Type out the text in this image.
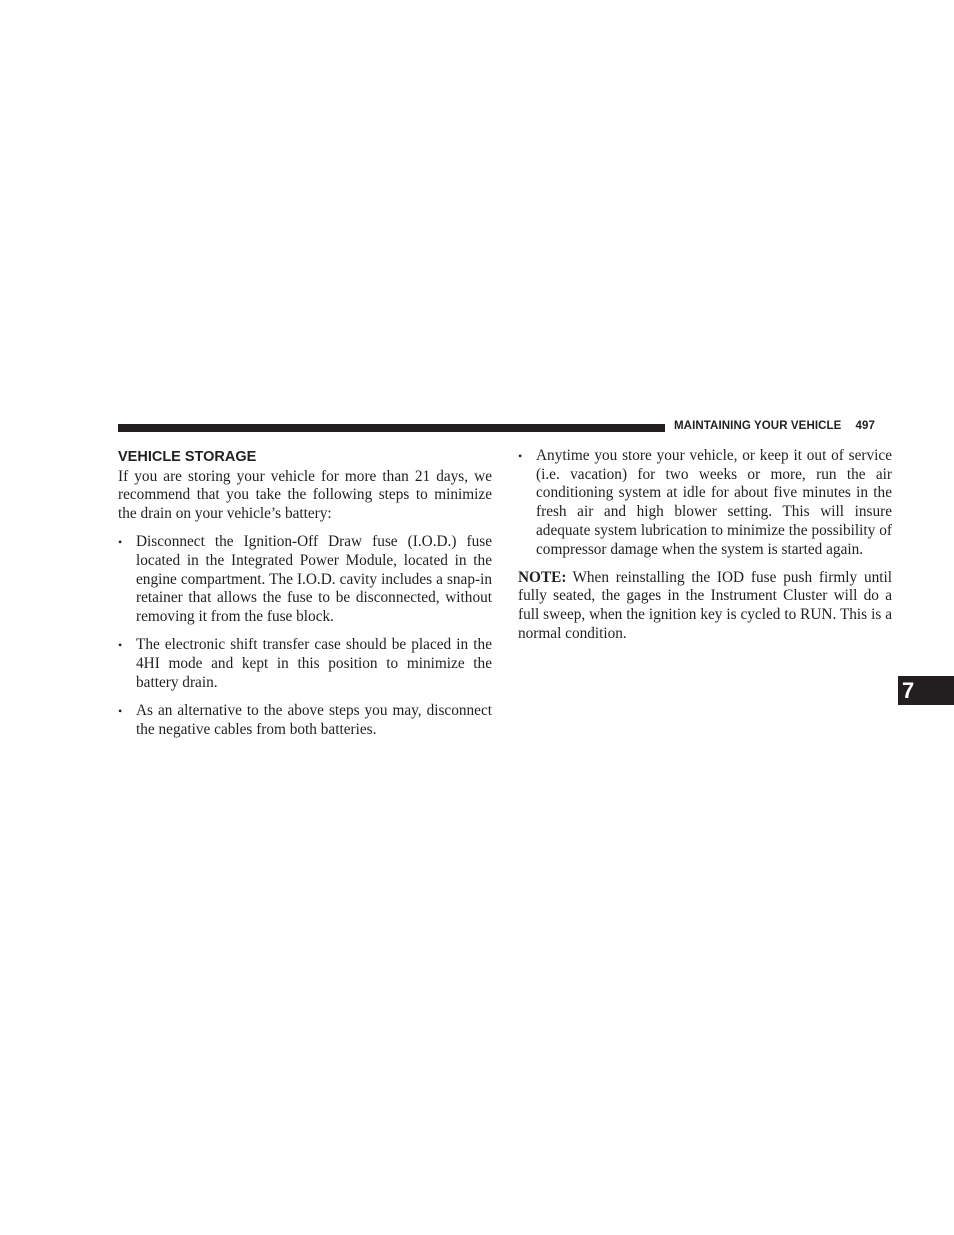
MAINTAINING YOUR VEHICLE 497
VEHICLE STORAGE

If you are storing your vehicle for more than 21 days, we recommend that you take the following steps to minimize the drain on your vehicle’s battery:

• Disconnect the Ignition-Off Draw fuse (I.O.D.) fuse located in the Integrated Power Module, located in the engine compartment. The I.O.D. cavity includes a snap-in retainer that allows the fuse to be disconnected, without removing it from the fuse block.
• The electronic shift transfer case should be placed in the 4HI mode and kept in this position to minimize the battery drain.
• As an alternative to the above steps you may, disconnect the negative cables from both batteries.
• Anytime you store your vehicle, or keep it out of service (i.e. vacation) for two weeks or more, run the air conditioning system at idle for about five minutes in the fresh air and high blower setting. This will insure adequate system lubrication to minimize the possibility of compressor damage when the system is started again.

NOTE: When reinstalling the IOD fuse push firmly until fully seated, the gages in the Instrument Cluster will do a full sweep, when the ignition key is cycled to RUN. This is a normal condition.

7
